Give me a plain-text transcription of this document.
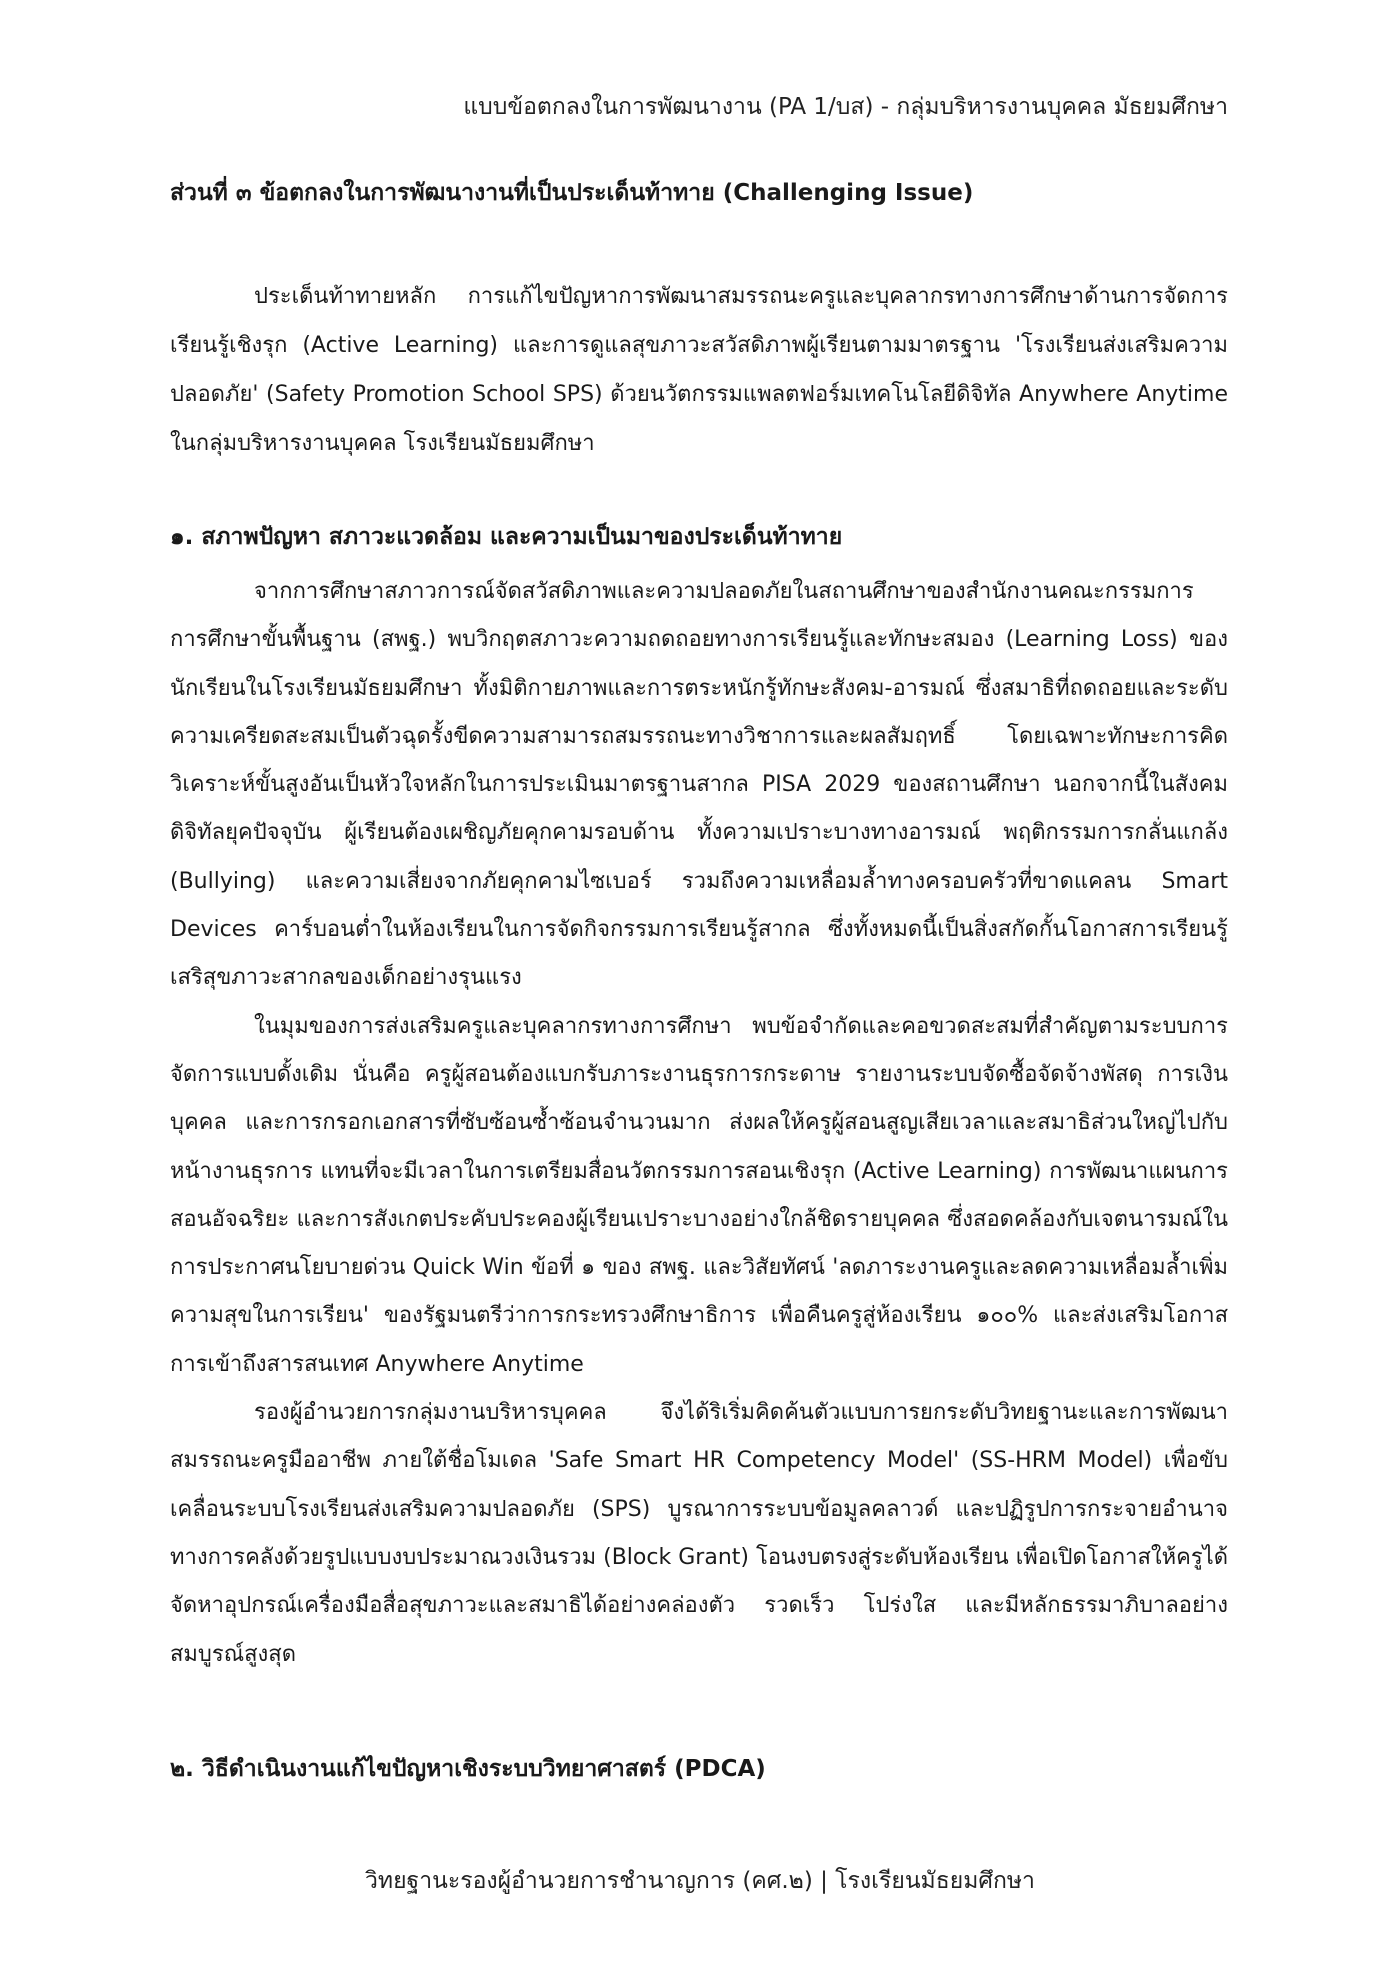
แบบข้อตกลงในการพัฒนางาน (PA 1/บส) - กลุ่มบริหารงานบุคคล มัธยมศึกษา
ส่วนที่ ๓ ข้อตกลงในการพัฒนางานที่เป็นประเด็นท้าทาย (Challenging Issue)

ประเด็นท้าทายหลัก การแก้ไขปัญหาการพัฒนาสมรรถนะครูและบุคลากรทางการศึกษาด้านการจัดการเรียนรู้เชิงรุก (Active Learning) และการดูแลสุขภาวะสวัสดิภาพผู้เรียนตามมาตรฐาน 'โรงเรียนส่งเสริมความปลอดภัย' (Safety Promotion School SPS) ด้วยนวัตกรรมแพลตฟอร์มเทคโนโลยีดิจิทัล Anywhere Anytime ในกลุ่มบริหารงานบุคคล โรงเรียนมัธยมศึกษา

๑. สภาพปัญหา สภาวะแวดล้อม และความเป็นมาของประเด็นท้าทาย

จากการศึกษาสภาวการณ์จัดสวัสดิภาพและความปลอดภัยในสถานศึกษาของสำนักงานคณะกรรมการการศึกษาขั้นพื้นฐาน (สพฐ.) พบวิกฤตสภาวะความถดถอยทางการเรียนรู้และทักษะสมอง (Learning Loss) ของนักเรียนในโรงเรียนมัธยมศึกษา ทั้งมิติกายภาพและการตระหนักรู้ทักษะสังคม-อารมณ์ ซึ่งสมาธิที่ถดถอยและระดับความเครียดสะสมเป็นตัวฉุดรั้งขีดความสามารถสมรรถนะทางวิชาการและผลสัมฤทธิ์ โดยเฉพาะทักษะการคิดวิเคราะห์ขั้นสูงอันเป็นหัวใจหลักในการประเมินมาตรฐานสากล PISA 2029 ของสถานศึกษา นอกจากนี้ในสังคมดิจิทัลยุคปัจจุบัน ผู้เรียนต้องเผชิญภัยคุกคามรอบด้าน ทั้งความเปราะบางทางอารมณ์ พฤติกรรมการกลั่นแกล้ง (Bullying) และความเสี่ยงจากภัยคุกคามไซเบอร์ รวมถึงความเหลื่อมล้ำทางครอบครัวที่ขาดแคลน Smart Devices คาร์บอนต่ำในห้องเรียนในการจัดกิจกรรมการเรียนรู้สากล ซึ่งทั้งหมดนี้เป็นสิ่งสกัดกั้นโอกาสการเรียนรู้เสริสุขภาวะสากลของเด็กอย่างรุนแรง

ในมุมของการส่งเสริมครูและบุคลากรทางการศึกษา พบข้อจำกัดและคอขวดสะสมที่สำคัญตามระบบการจัดการแบบดั้งเดิม นั่นคือ ครูผู้สอนต้องแบกรับภาระงานธุรการกระดาษ รายงานระบบจัดซื้อจัดจ้างพัสดุ การเงินบุคคล และการกรอกเอกสารที่ซับซ้อนซ้ำซ้อนจำนวนมาก ส่งผลให้ครูผู้สอนสูญเสียเวลาและสมาธิส่วนใหญ่ไปกับหน้างานธุรการ แทนที่จะมีเวลาในการเตรียมสื่อนวัตกรรมการสอนเชิงรุก (Active Learning) การพัฒนาแผนการสอนอัจฉริยะ และการสังเกตประคับประคองผู้เรียนเปราะบางอย่างใกล้ชิดรายบุคคล ซึ่งสอดคล้องกับเจตนารมณ์ในการประกาศนโยบายด่วน Quick Win ข้อที่ ๑ ของ สพฐ. และวิสัยทัศน์ 'ลดภาระงานครูและลดความเหลื่อมล้ำเพิ่มความสุขในการเรียน' ของรัฐมนตรีว่าการกระทรวงศึกษาธิการ เพื่อคืนครูสู่ห้องเรียน ๑๐๐% และส่งเสริมโอกาสการเข้าถึงสารสนเทศ Anywhere Anytime

รองผู้อำนวยการกลุ่มงานบริหารบุคคล จึงได้ริเริ่มคิดค้นตัวแบบการยกระดับวิทยฐานะและการพัฒนาสมรรถนะครูมืออาชีพ ภายใต้ชื่อโมเดล 'Safe Smart HR Competency Model' (SS-HRM Model) เพื่อขับเคลื่อนระบบโรงเรียนส่งเสริมความปลอดภัย (SPS) บูรณาการระบบข้อมูลคลาวด์ และปฏิรูปการกระจายอำนาจทางการคลังด้วยรูปแบบงบประมาณวงเงินรวม (Block Grant) โอนงบตรงสู่ระดับห้องเรียน เพื่อเปิดโอกาสให้ครูได้จัดหาอุปกรณ์เครื่องมือสื่อสุขภาวะและสมาธิได้อย่างคล่องตัว รวดเร็ว โปร่งใส และมีหลักธรรมาภิบาลอย่างสมบูรณ์สูงสุด

๒. วิธีดำเนินงานแก้ไขปัญหาเชิงระบบวิทยาศาสตร์ (PDCA)
วิทยฐานะรองผู้อำนวยการชำนาญการ (คศ.๒) | โรงเรียนมัธยมศึกษา
